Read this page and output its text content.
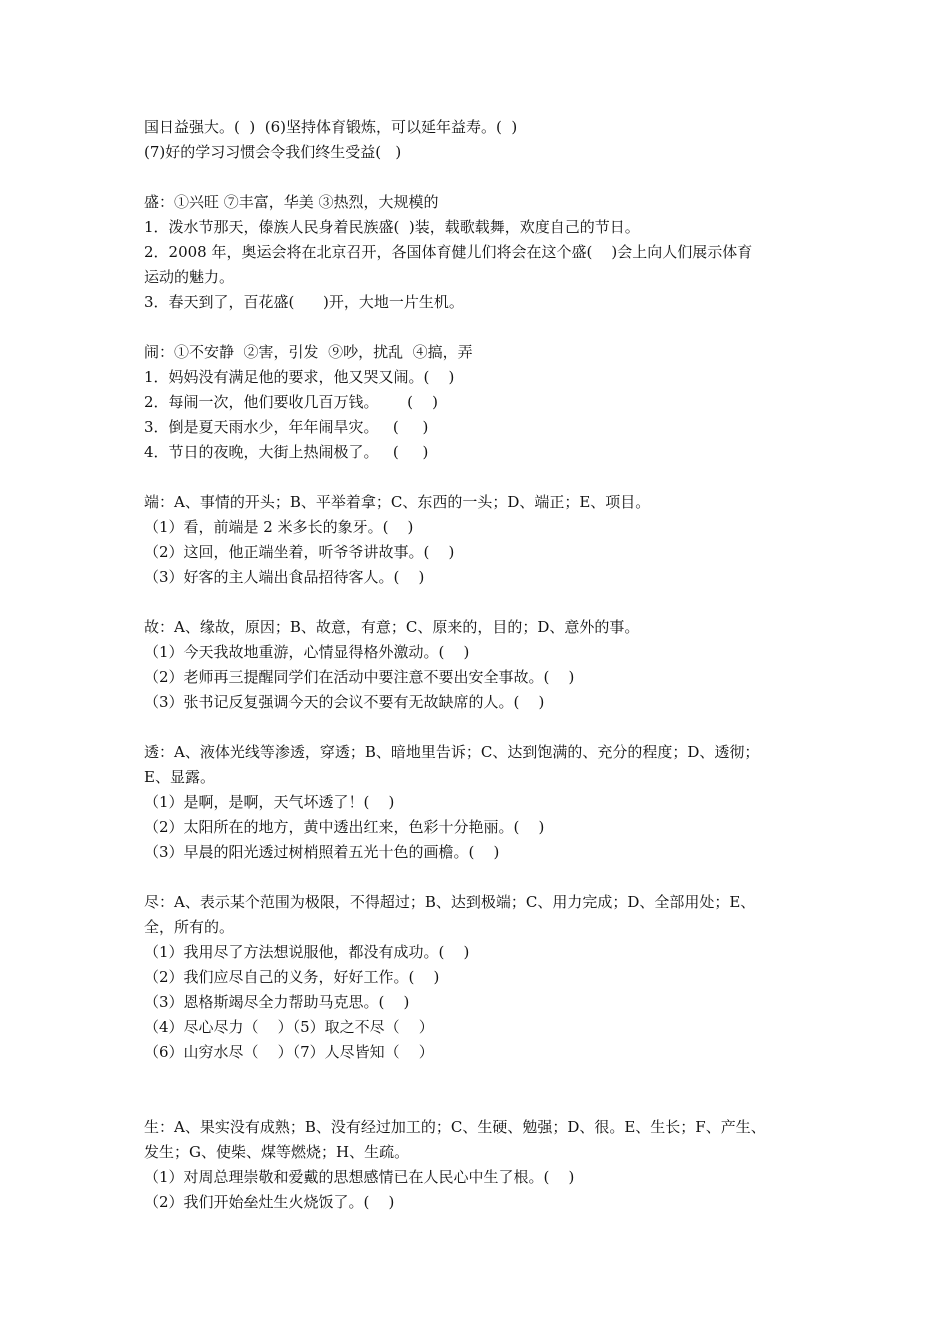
国日益强大。(  )  (6)坚持体育锻炼，可以延年益寿。(  )

(7)好的学习习惯会令我们终生受益(   )

盛：①兴旺 ⑦丰富，华美 ③热烈，大规模的

1．泼水节那天，傣族人民身着民族盛(  )装，载歌载舞，欢度自己的节日。

2．2008 年，奥运会将在北京召开，各国体育健儿们将会在这个盛(    )会上向人们展示体育

运动的魅力。

3．春天到了，百花盛(      )开，大地一片生机。

闹：①不安静  ②害，引发  ⑨吵，扰乱  ④搞，弄

1．妈妈没有满足他的要求，他又哭又闹。(    )

2．每闹一次，他们要收几百万钱。      (    )

3．倒是夏天雨水少，年年闹旱灾。   (     )

4．节日的夜晚，大街上热闹极了。   (     )

端：A、事情的开头；B、平举着拿；C、东西的一头；D、端正；E、项目。

（1）看，前端是 2 米多长的象牙。(    )

（2）这回，他正端坐着，听爷爷讲故事。(    )

（3）好客的主人端出食品招待客人。(    )

故：A、缘故，原因；B、故意，有意；C、原来的，目的；D、意外的事。

（1）今天我故地重游，心情显得格外激动。(    )

（2）老师再三提醒同学们在活动中要注意不要出安全事故。(    )

（3）张书记反复强调今天的会议不要有无故缺席的人。(    )

透：A、液体光线等渗透，穿透；B、暗地里告诉；C、达到饱满的、充分的程度；D、透彻；

E、显露。

（1）是啊，是啊，天气坏透了！(    )

（2）太阳所在的地方，黄中透出红来，色彩十分艳丽。(    )

（3）早晨的阳光透过树梢照着五光十色的画檐。(    )

尽：A、表示某个范围为极限，不得超过；B、达到极端；C、用力完成；D、全部用处；E、

全，所有的。

（1）我用尽了方法想说服他，都没有成功。(    )

（2）我们应尽自己的义务，好好工作。(    )

（3）恩格斯竭尽全力帮助马克思。(    )

（4）尽心尽力（    ）（5）取之不尽（    ）

（6）山穷水尽（    ）（7）人尽皆知（    ）

生：A、果实没有成熟；B、没有经过加工的；C、生硬、勉强；D、很。E、生长；F、产生、

发生；G、使柴、煤等燃烧；H、生疏。

（1）对周总理崇敬和爱戴的思想感情已在人民心中生了根。(    )

（2）我们开始垒灶生火烧饭了。(    )
